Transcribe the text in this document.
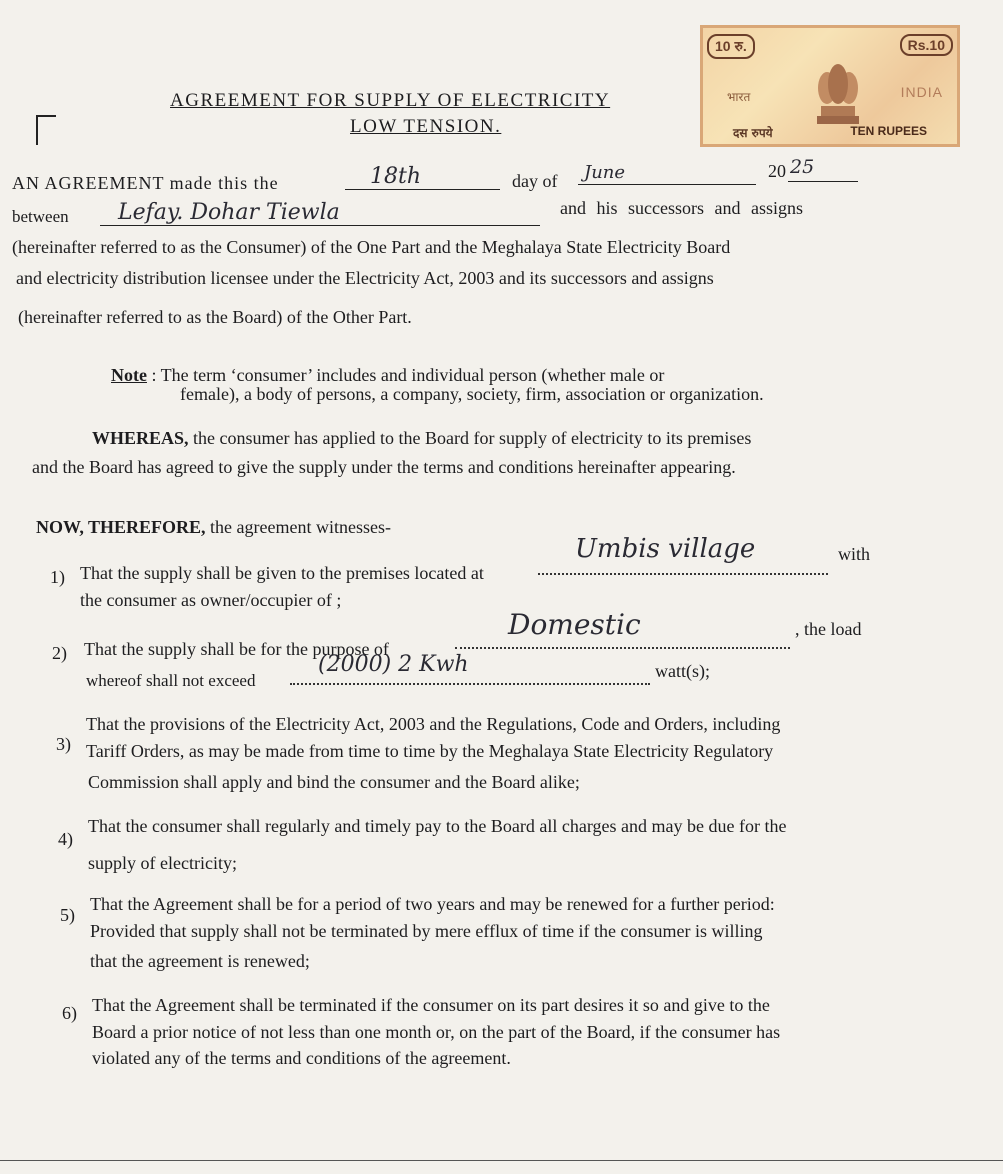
10 रु.	Rs.10
भारत	INDIA
दस रुपये	TEN RUPEES
AGREEMENT FOR SUPPLY OF ELECTRICITY
LOW TENSION.
AN AGREEMENT made this the	18th	day of June	20 25
between Lefay. Dohar Tiewla	and his successors and assigns
(hereinafter referred to as the Consumer) of the One Part and the Meghalaya State Electricity Board
and electricity distribution licensee under the Electricity Act, 2003 and its successors and assigns
(hereinafter referred to as the Board) of the Other Part.
Note : The term ‘consumer’ includes and individual person (whether male or
female), a body of persons, a company, society, firm, association or organization.
WHEREAS, the consumer has applied to the Board for supply of electricity to its premises
and the Board has agreed to give the supply under the terms and conditions hereinafter appearing.
NOW, THEREFORE, the agreement witnesses-
1) That the supply shall be given to the premises located at
Umbis village	with
the consumer as owner/occupier of ;
2) That the supply shall be for the purpose of
Domestic	, the load
whereof shall not exceed
(2000) 2 Kwh	watt(s);
3)
That the provisions of the Electricity Act, 2003 and the Regulations, Code and Orders, including
Tariff Orders, as may be made from time to time by the Meghalaya State Electricity Regulatory
Commission shall apply and bind the consumer and the Board alike;
4)
That the consumer shall regularly and timely pay to the Board all charges and may be due for the
supply of electricity;
5)
That the Agreement shall be for a period of two years and may be renewed for a further period:
Provided that supply shall not be terminated by mere efflux of time if the consumer is willing
that the agreement is renewed;
6) That the Agreement shall be terminated if the consumer on its part desires it so and give to the
Board a prior notice of not less than one month or, on the part of the Board, if the consumer has
violated any of the terms and conditions of the agreement.
